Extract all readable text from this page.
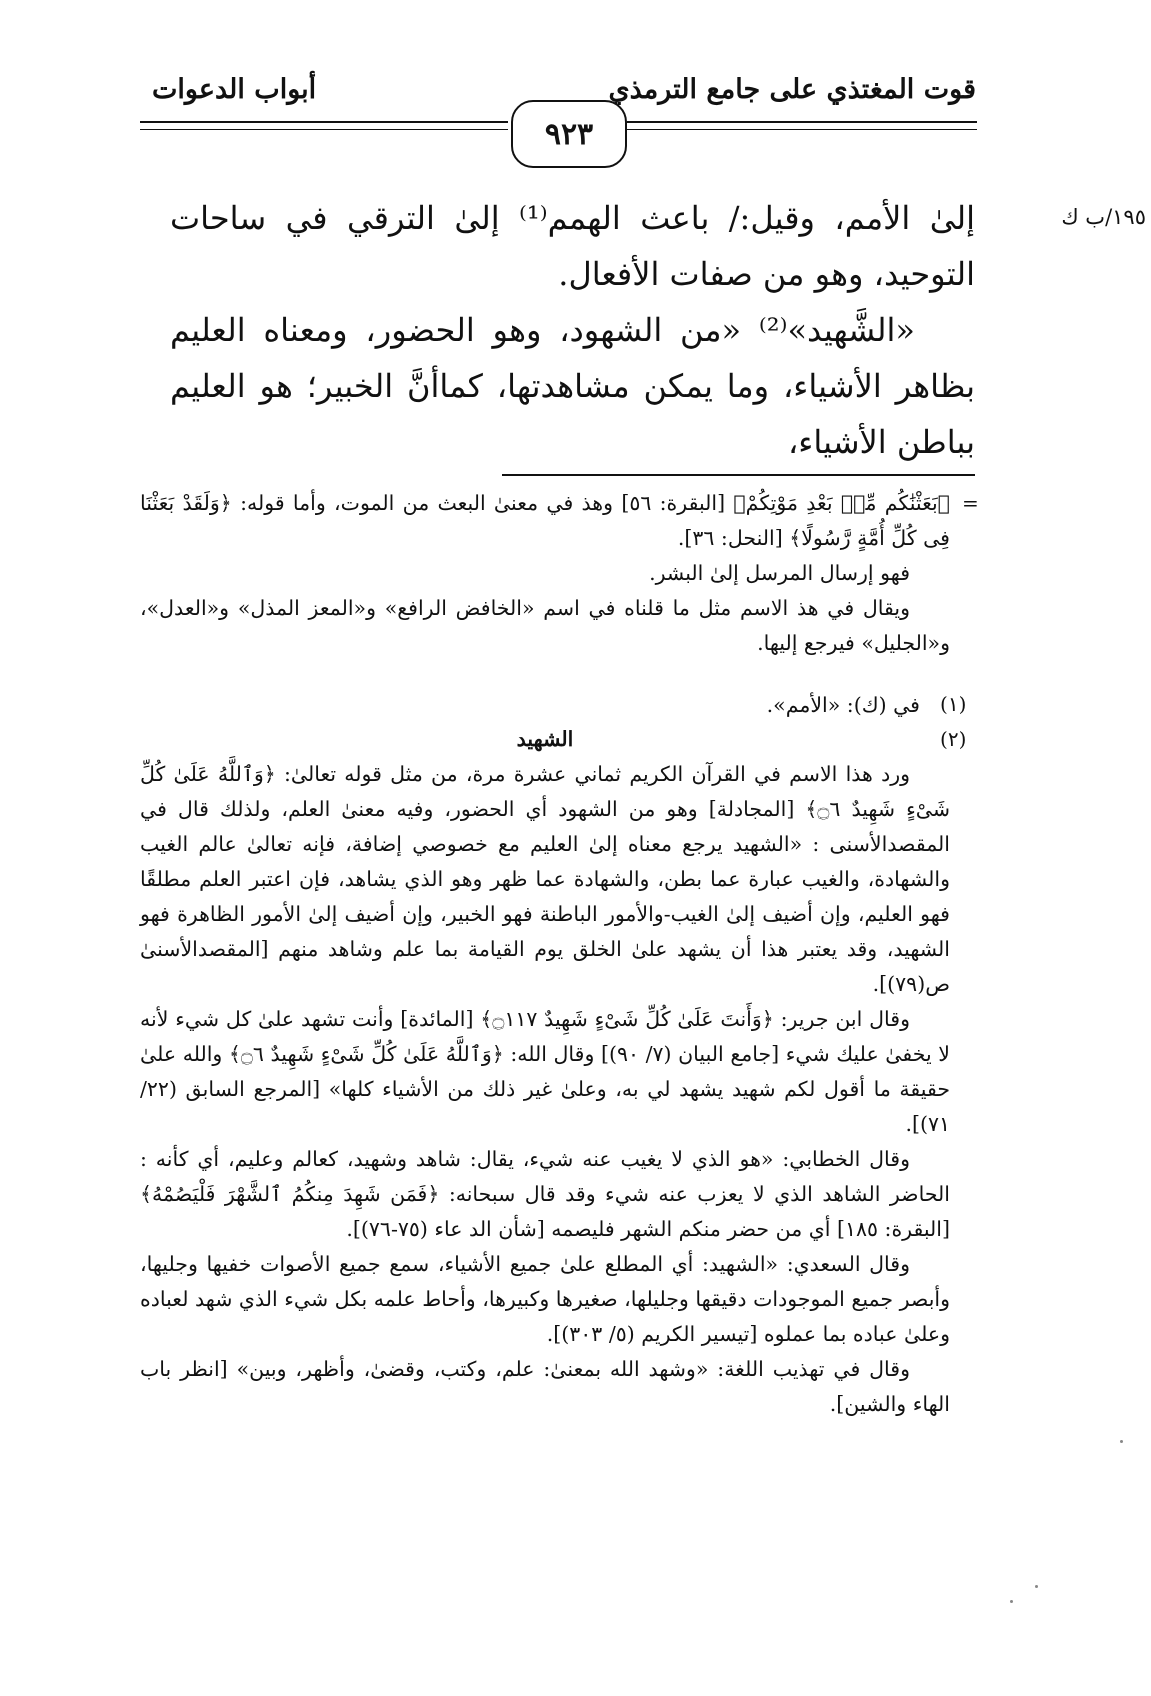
قوت المغتذي على جامع الترمذي
أبواب الدعوات
٩٢٣
١٩٥/ب ك

إلىٰ الأمم، وقيل:/ باعث الهمم⁽¹⁾ إلىٰ الترقي في ساحات التوحيد، وهو من صفات الأفعال.

«الشَّهيد»⁽²⁾ «من الشهود، وهو الحضور، ومعناه العليم بظاهر الأشياء، وما يمكن مشاهدتها، كماأنَّ الخبير؛ هو العليم بباطن الأشياء،

=

﴿بَعَثْنَٰكُم مِّنۢ بَعْدِ مَوْتِكُمْ﴾ [البقرة: ٥٦] وهذ في معنىٰ البعث من الموت، وأما قوله: ﴿وَلَقَدْ بَعَثْنَا فِى كُلِّ أُمَّةٍ رَّسُولًا﴾ [النحل: ٣٦].

فهو إرسال المرسل إلىٰ البشر.

ويقال في هذ الاسم مثل ما قلناه في اسم «الخافض الرافع» و«المعز المذل» و«العدل»، و«الجليل» فيرجع إليها.

(١)

في (ك): «الأمم».

(٢)

الشهيد

ورد هذا الاسم في القرآن الكريم ثماني عشرة مرة، من مثل قوله تعالىٰ: ﴿وَٱللَّهُ عَلَىٰ كُلِّ شَىْءٍ شَهِيدٌ ۝٦﴾ [المجادلة] وهو من الشهود أي الحضور، وفيه معنىٰ العلم، ولذلك قال في المقصدالأسنى : «الشهيد يرجع معناه إلىٰ العليم مع خصوصي إضافة، فإنه تعالىٰ عالم الغيب والشهادة، والغيب عبارة عما بطن، والشهادة عما ظهر وهو الذي يشاهد، فإن اعتبر العلم مطلقًا فهو العليم، وإن أضيف إلىٰ الغيب-والأمور الباطنة فهو الخبير، وإن أضيف إلىٰ الأمور الظاهرة فهو الشهيد، وقد يعتبر هذا أن يشهد علىٰ الخلق يوم القيامة بما علم وشاهد منهم [المقصدالأسنىٰ ص(٧٩)].

وقال ابن جرير: ﴿وَأَنتَ عَلَىٰ كُلِّ شَىْءٍ شَهِيدٌ ۝١١٧﴾ [المائدة] وأنت تشهد علىٰ كل شيء لأنه لا يخفىٰ عليك شيء [جامع البيان (٧/ ٩٠)] وقال الله: ﴿وَٱللَّهُ عَلَىٰ كُلِّ شَىْءٍ شَهِيدٌ ۝٦﴾ والله علىٰ حقيقة ما أقول لكم شهيد يشهد لي به، وعلىٰ غير ذلك من الأشياء كلها» [المرجع السابق (٢٢/ ٧١)].

وقال الخطابي: «هو الذي لا يغيب عنه شيء، يقال: شاهد وشهيد، كعالم وعليم، أي كأنه : الحاضر الشاهد الذي لا يعزب عنه شيء وقد قال سبحانه: ﴿فَمَن شَهِدَ مِنكُمُ ٱلشَّهْرَ فَلْيَصُمْهُ﴾ [البقرة: ١٨٥] أي من حضر منكم الشهر فليصمه [شأن الد عاء (٧٥-٧٦)].

وقال السعدي: «الشهيد: أي المطلع علىٰ جميع الأشياء، سمع جميع الأصوات خفيها وجليها، وأبصر جميع الموجودات دقيقها وجليلها، صغيرها وكبيرها، وأحاط علمه بكل شيء الذي شهد لعباده وعلىٰ عباده بما عملوه [تيسير الكريم (٥/ ٣٠٣)].

وقال في تهذيب اللغة: «وشهد الله بمعنىٰ: علم، وكتب، وقضىٰ، وأظهر، وبين» [انظر باب الهاء والشين].
